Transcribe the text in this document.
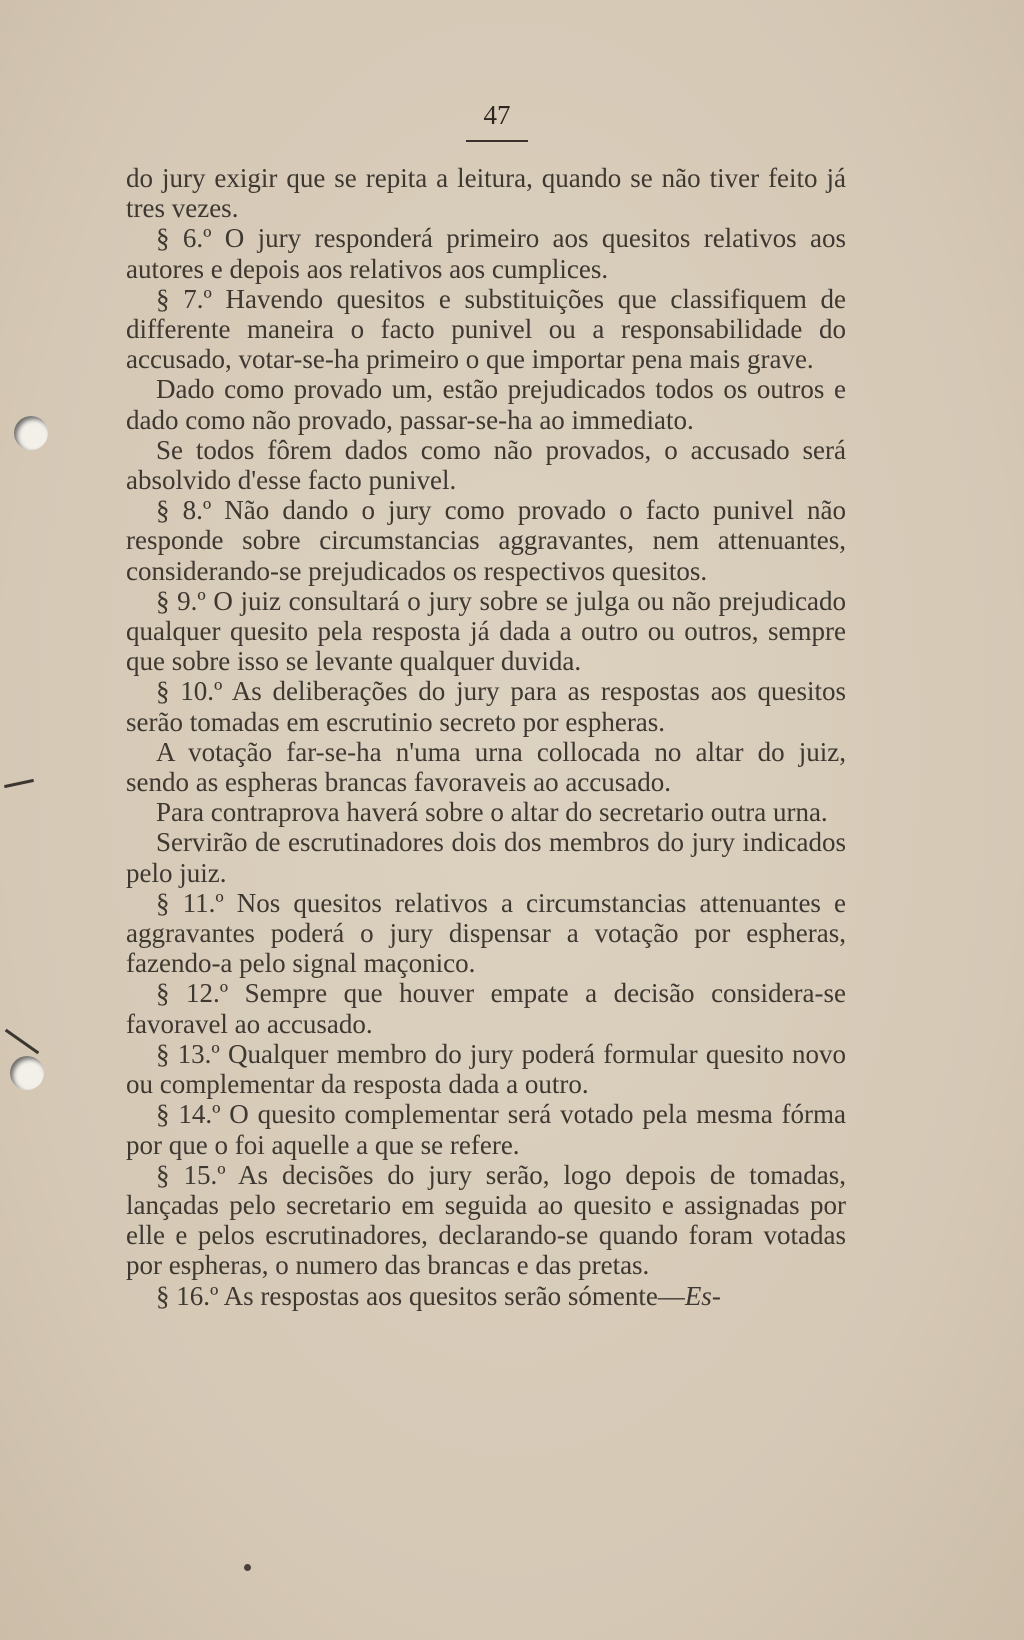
47

do jury exigir que se repita a leitura, quando se não tiver feito já tres vezes.

§ 6.º O jury responderá primeiro aos quesitos relativos aos autores e depois aos relativos aos cumplices.

§ 7.º Havendo quesitos e substituições que classifiquem de differente maneira o facto punivel ou a responsabilidade do accusado, votar-se-ha primeiro o que importar pena mais grave.

Dado como provado um, estão prejudicados todos os outros e dado como não provado, passar-se-ha ao immediato.

Se todos fôrem dados como não provados, o accusado será absolvido d'esse facto punivel.

§ 8.º Não dando o jury como provado o facto punivel não responde sobre circumstancias aggravantes, nem attenuantes, considerando-se prejudicados os respectivos quesitos.

§ 9.º O juiz consultará o jury sobre se julga ou não prejudicado qualquer quesito pela resposta já dada a outro ou outros, sempre que sobre isso se levante qualquer duvida.

§ 10.º As deliberações do jury para as respostas aos quesitos serão tomadas em escrutinio secreto por espheras.

A votação far-se-ha n'uma urna collocada no altar do juiz, sendo as espheras brancas favoraveis ao accusado.

Para contraprova haverá sobre o altar do secretario outra urna.

Servirão de escrutinadores dois dos membros do jury indicados pelo juiz.

§ 11.º Nos quesitos relativos a circumstancias attenuantes e aggravantes poderá o jury dispensar a votação por espheras, fazendo-a pelo signal maçonico.

§ 12.º Sempre que houver empate a decisão considera-se favoravel ao accusado.

§ 13.º Qualquer membro do jury poderá formular quesito novo ou complementar da resposta dada a outro.

§ 14.º O quesito complementar será votado pela mesma fórma por que o foi aquelle a que se refere.

§ 15.º As decisões do jury serão, logo depois de tomadas, lançadas pelo secretario em seguida ao quesito e assignadas por elle e pelos escrutinadores, declarando-se quando foram votadas por espheras, o numero das brancas e das pretas.

§ 16.º As respostas aos quesitos serão sómente—Es-
